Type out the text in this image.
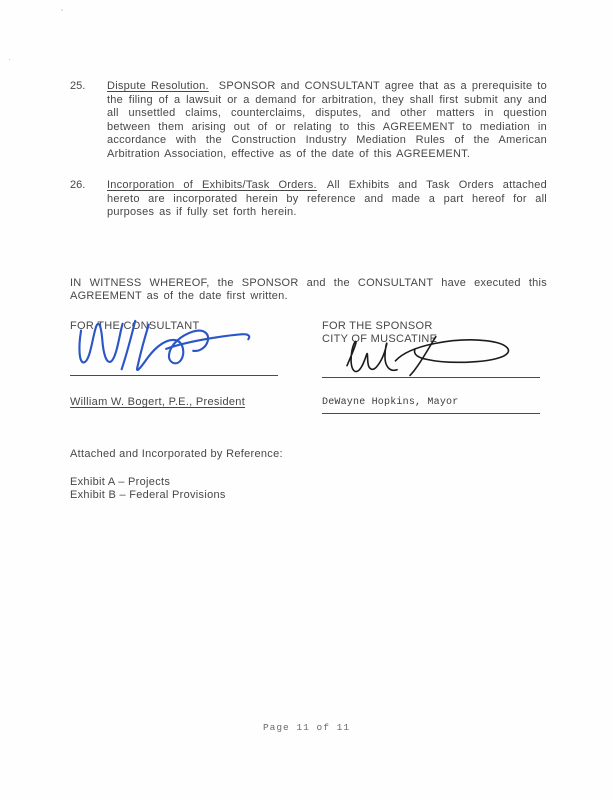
`
·
25.	Dispute Resolution. SPONSOR and CONSULTANT agree that as a prerequisite to the filing of a lawsuit or a demand for arbitration, they shall first submit any and all unsettled claims, counterclaims, disputes, and other matters in question between them arising out of or relating to this AGREEMENT to mediation in accordance with the Construction Industry Mediation Rules of the American Arbitration Association, effective as of the date of this AGREEMENT.

26.	Incorporation of Exhibits/Task Orders. All Exhibits and Task Orders attached hereto are incorporated herein by reference and made a part hereof for all purposes as if fully set forth herein.

IN WITNESS WHEREOF, the SPONSOR and the CONSULTANT have executed this AGREEMENT as of the date first written.

FOR THE CONSULTANT
William W. Bogert, P.E., President
FOR THE SPONSOR
CITY OF MUSCATINE
DeWayne Hopkins, Mayor
Attached and Incorporated by Reference:
Exhibit A – Projects
Exhibit B – Federal Provisions
Page 11 of 11
